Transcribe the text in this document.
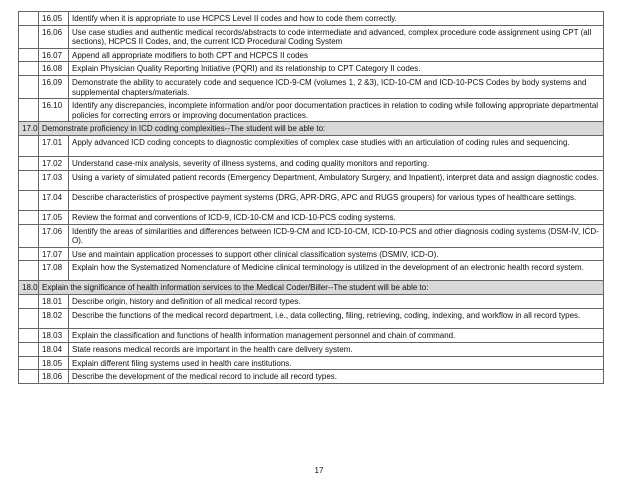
	16.05	Identify when it is appropriate to use HCPCS Level II codes and how to code them correctly.
	16.06	Use case studies and authentic medical records/abstracts to code intermediate and advanced, complex procedure code assignment using CPT (all sections), HCPCS II Codes, and, the current ICD Procedural Coding System
	16.07	Append all appropriate modifiers to both CPT and HCPCS II codes
	16.08	Explain Physician Quality Reporting Initiative (PQRI) and its relationship to CPT Category II codes.
	16.09	Demonstrate the ability to accurately code and sequence ICD-9-CM (volumes 1, 2 &3), ICD-10-CM and ICD-10-PCS Codes by body systems and supplemental chapters/materials.
	16.10	Identify any discrepancies, incomplete information and/or poor documentation practices in relation to coding while following appropriate departmental policies for correcting errors or improving documentation practices.
17.0	Demonstrate proficiency in ICD coding complexities--The student will be able to:	
	17.01	Apply advanced ICD coding concepts to diagnostic complexities of complex case studies with an articulation of coding rules and sequencing.
	17.02	Understand case-mix analysis, severity of illness systems, and coding quality monitors and reporting.
	17.03	Using a variety of simulated patient records (Emergency Department, Ambulatory Surgery, and Inpatient), interpret data and assign diagnostic codes.
	17.04	Describe characteristics of prospective payment systems (DRG, APR-DRG, APC and RUGS groupers) for various types of healthcare settings.
	17.05	Review the format and conventions of ICD-9, ICD-10-CM and ICD-10-PCS coding systems.
	17.06	Identify the areas of similarities and differences between ICD-9-CM and ICD-10-CM, ICD-10-PCS and other diagnosis coding systems (DSM-IV, ICD-O).
	17.07	Use and maintain application processes to support other clinical classification systems (DSMIV, ICD-O).
	17.08	Explain how the Systematized Nomenclature of Medicine clinical terminology is utilized in the development of an electronic health record system.
18.0	Explain the significance of health information services to the Medical Coder/Biller--The student will be able to:	
	18.01	Describe origin, history and definition of all medical record types.
	18.02	Describe the functions of the medical record department, i.e., data collecting, filing, retrieving, coding, indexing, and workflow in all record types.
	18.03	Explain the classification and functions of health information management personnel and chain of command.
	18.04	State reasons medical records are important in the health care delivery system.
	18.05	Explain different filing systems used in health care institutions.
	18.06	Describe the development of the medical record to include all record types.
17
